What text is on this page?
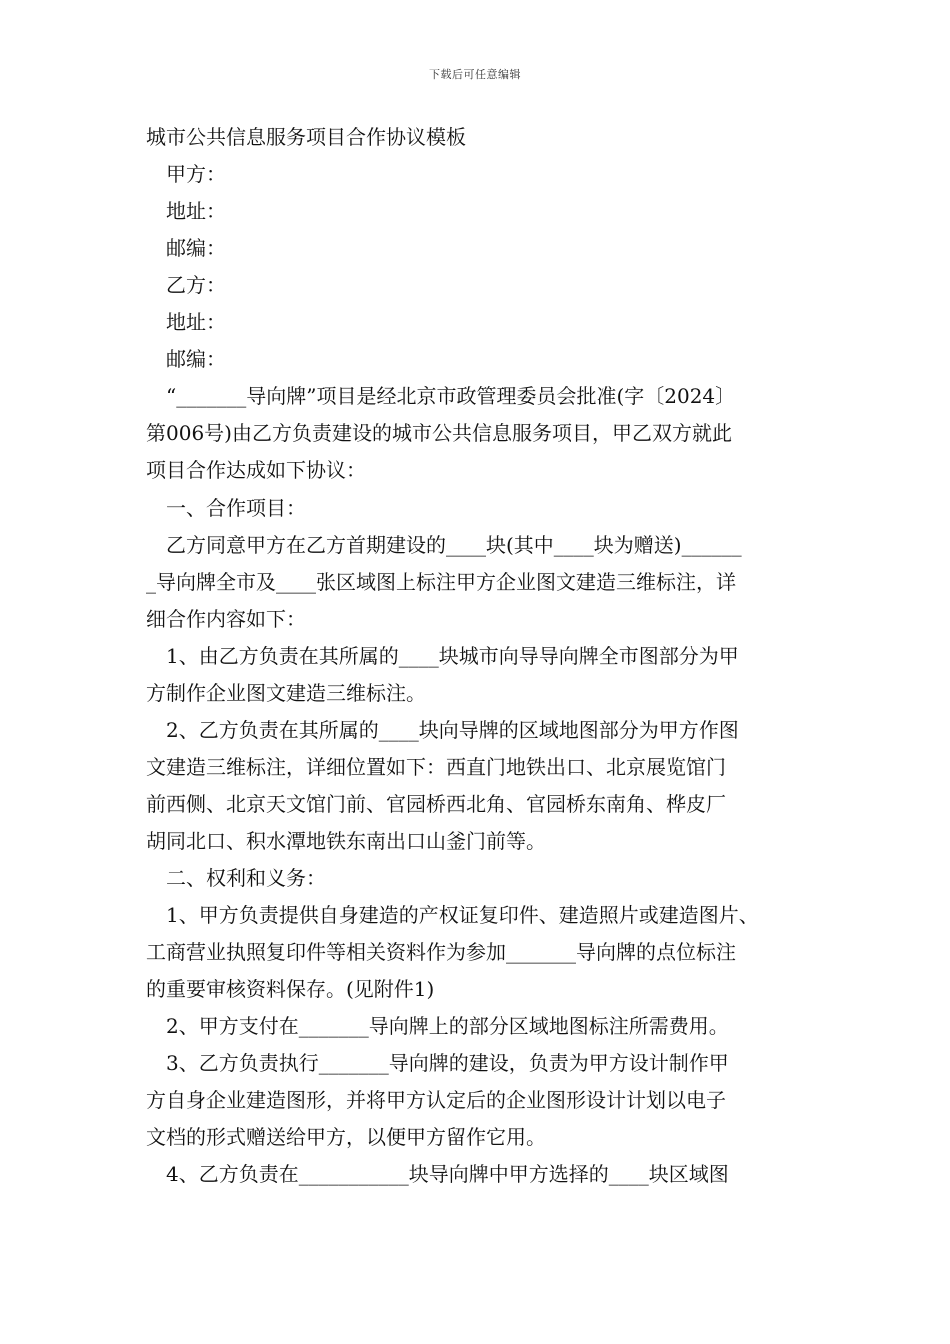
下载后可任意编辑
城市公共信息服务项目合作协议模板
甲方：
地址：
邮编：
乙方：
地址：
邮编：
“_______导向牌”项目是经北京市政管理委员会批准(字〔2024〕
第006号)由乙方负责建设的城市公共信息服务项目，甲乙双方就此
项目合作达成如下协议：
一、合作项目：
乙方同意甲方在乙方首期建设的____块(其中____块为赠送)______
_导向牌全市及____张区域图上标注甲方企业图文建造三维标注，详
细合作内容如下：
1、由乙方负责在其所属的____块城市向导导向牌全市图部分为甲
方制作企业图文建造三维标注。
2、乙方负责在其所属的____块向导牌的区域地图部分为甲方作图
文建造三维标注，详细位置如下：西直门地铁出口、北京展览馆门
前西侧、北京天文馆门前、官园桥西北角、官园桥东南角、桦皮厂
胡同北口、积水潭地铁东南出口山釜门前等。
二、权利和义务：
1、甲方负责提供自身建造的产权证复印件、建造照片或建造图片、
工商营业执照复印件等相关资料作为参加_______导向牌的点位标注
的重要审核资料保存。(见附件1)
2、甲方支付在_______导向牌上的部分区域地图标注所需费用。
3、乙方负责执行_______导向牌的建设，负责为甲方设计制作甲
方自身企业建造图形，并将甲方认定后的企业图形设计计划以电子
文档的形式赠送给甲方，以便甲方留作它用。
4、乙方负责在___________块导向牌中甲方选择的____块区域图
